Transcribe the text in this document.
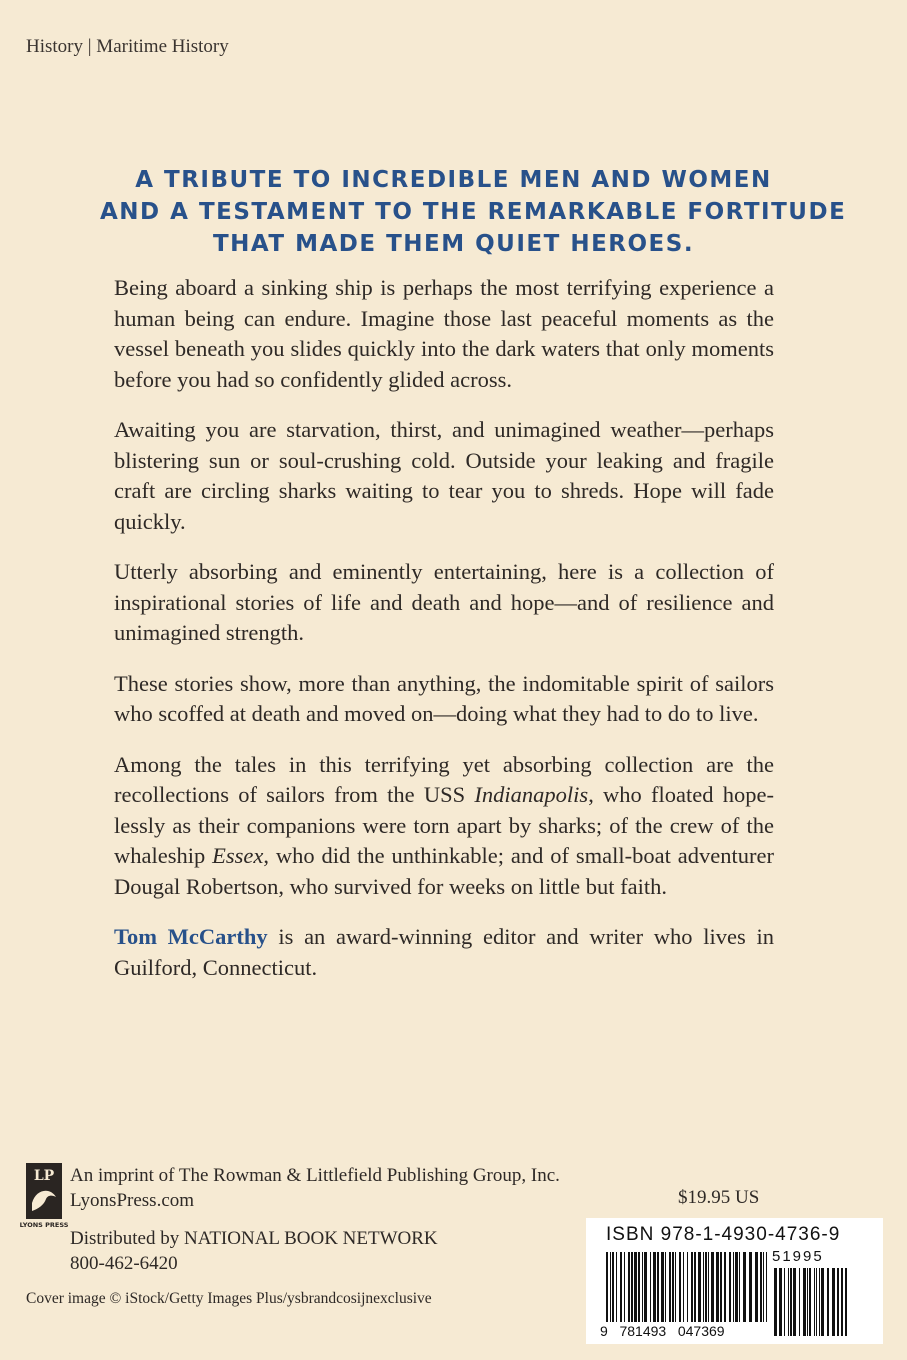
History | Maritime History
A TRIBUTE TO INCREDIBLE MEN AND WOMEN
AND A TESTAMENT TO THE REMARKABLE FORTITUDE
THAT MADE THEM QUIET HEROES.

Being aboard a sinking ship is perhaps the most terrifying experience a human being can endure. Imagine those last peaceful moments as the vessel beneath you slides quickly into the dark waters that only moments before you had so confidently glided across.

Awaiting you are starvation, thirst, and unimagined weather—perhaps blistering sun or soul-crushing cold. Outside your leaking and fragile craft are circling sharks waiting to tear you to shreds. Hope will fade quickly.

Utterly absorbing and eminently entertaining, here is a collection of inspirational stories of life and death and hope—and of resilience and unimagined strength.

These stories show, more than anything, the indomitable spirit of sailors who scoffed at death and moved on—doing what they had to do to live.

Among the tales in this terrifying yet absorbing collection are the recollections of sailors from the USS Indianapolis, who floated hope-lessly as their companions were torn apart by sharks; of the crew of the whaleship Essex, who did the unthinkable; and of small-boat adventurer Dougal Robertson, who survived for weeks on little but faith.

Tom McCarthy is an award-winning editor and writer who lives in Guilford, Connecticut.

LP
LYONS PRESS
An imprint of The Rowman & Littlefield Publishing Group, Inc.
LyonsPress.com
Distributed by NATIONAL BOOK NETWORK
800-462-6420
Cover image © iStock/Getty Images Plus/ysbrandcosijnexclusive
$19.95 US
ISBN 978-1-4930-4736-9
9   781493   047369
51995
